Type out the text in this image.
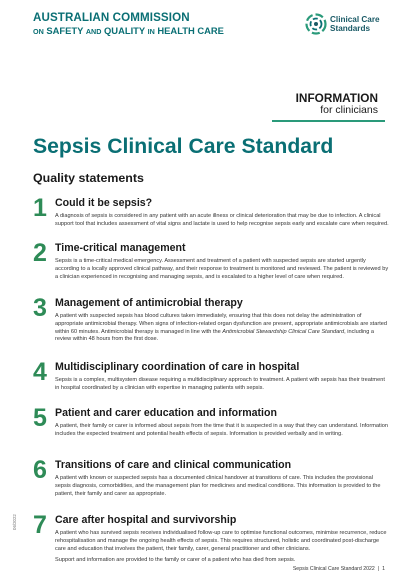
AUSTRALIAN COMMISSION
ON SAFETY AND QUALITY IN HEALTH CARE
Clinical Care
Standards
INFORMATION
for clinicians
Sepsis Clinical Care Standard
Quality statements
1 Could it be sepsis?
A diagnosis of sepsis is considered in any patient with an acute illness or clinical deterioration that may be due to infection. A clinical support tool that includes assessment of vital signs and lactate is used to help recognise sepsis early and escalate care when required.
2 Time-critical management
Sepsis is a time-critical medical emergency. Assessment and treatment of a patient with suspected sepsis are started urgently according to a locally approved clinical pathway, and their response to treatment is monitored and reviewed. The patient is reviewed by a clinician experienced in recognising and managing sepsis, and is escalated to a higher level of care when required.
3 Management of antimicrobial therapy
A patient with suspected sepsis has blood cultures taken immediately, ensuring that this does not delay the administration of appropriate antimicrobial therapy. When signs of infection-related organ dysfunction are present, appropriate antimicrobials are started within 60 minutes. Antimicrobial therapy is managed in line with the Antimicrobial Stewardship Clinical Care Standard, including a review within 48 hours from the first dose.
4 Multidisciplinary coordination of care in hospital
Sepsis is a complex, multisystem disease requiring a multidisciplinary approach to treatment. A patient with sepsis has their treatment in hospital coordinated by a clinician with expertise in managing patients with sepsis.
5 Patient and carer education and information
A patient, their family or carer is informed about sepsis from the time that it is suspected in a way that they can understand. Information includes the expected treatment and potential health effects of sepsis. Information is provided verbally and in writing.
6 Transitions of care and clinical communication
A patient with known or suspected sepsis has a documented clinical handover at transitions of care. This includes the provisional sepsis diagnosis, comorbidities, and the management plan for medicines and medical conditions. This information is provided to the patient, their family and carer as appropriate.
7 Care after hospital and survivorship
A patient who has survived sepsis receives individualised follow-up care to optimise functional outcomes, minimise recurrence, reduce rehospitalisation and manage the ongoing health effects of sepsis. This requires structured, holistic and coordinated post-discharge care and education that involves the patient, their family, carer, general practitioner and other clinicians.
Support and information are provided to the family or carer of a patient who has died from sepsis.
06/2022
Sepsis Clinical Care Standard 2022 | 1
